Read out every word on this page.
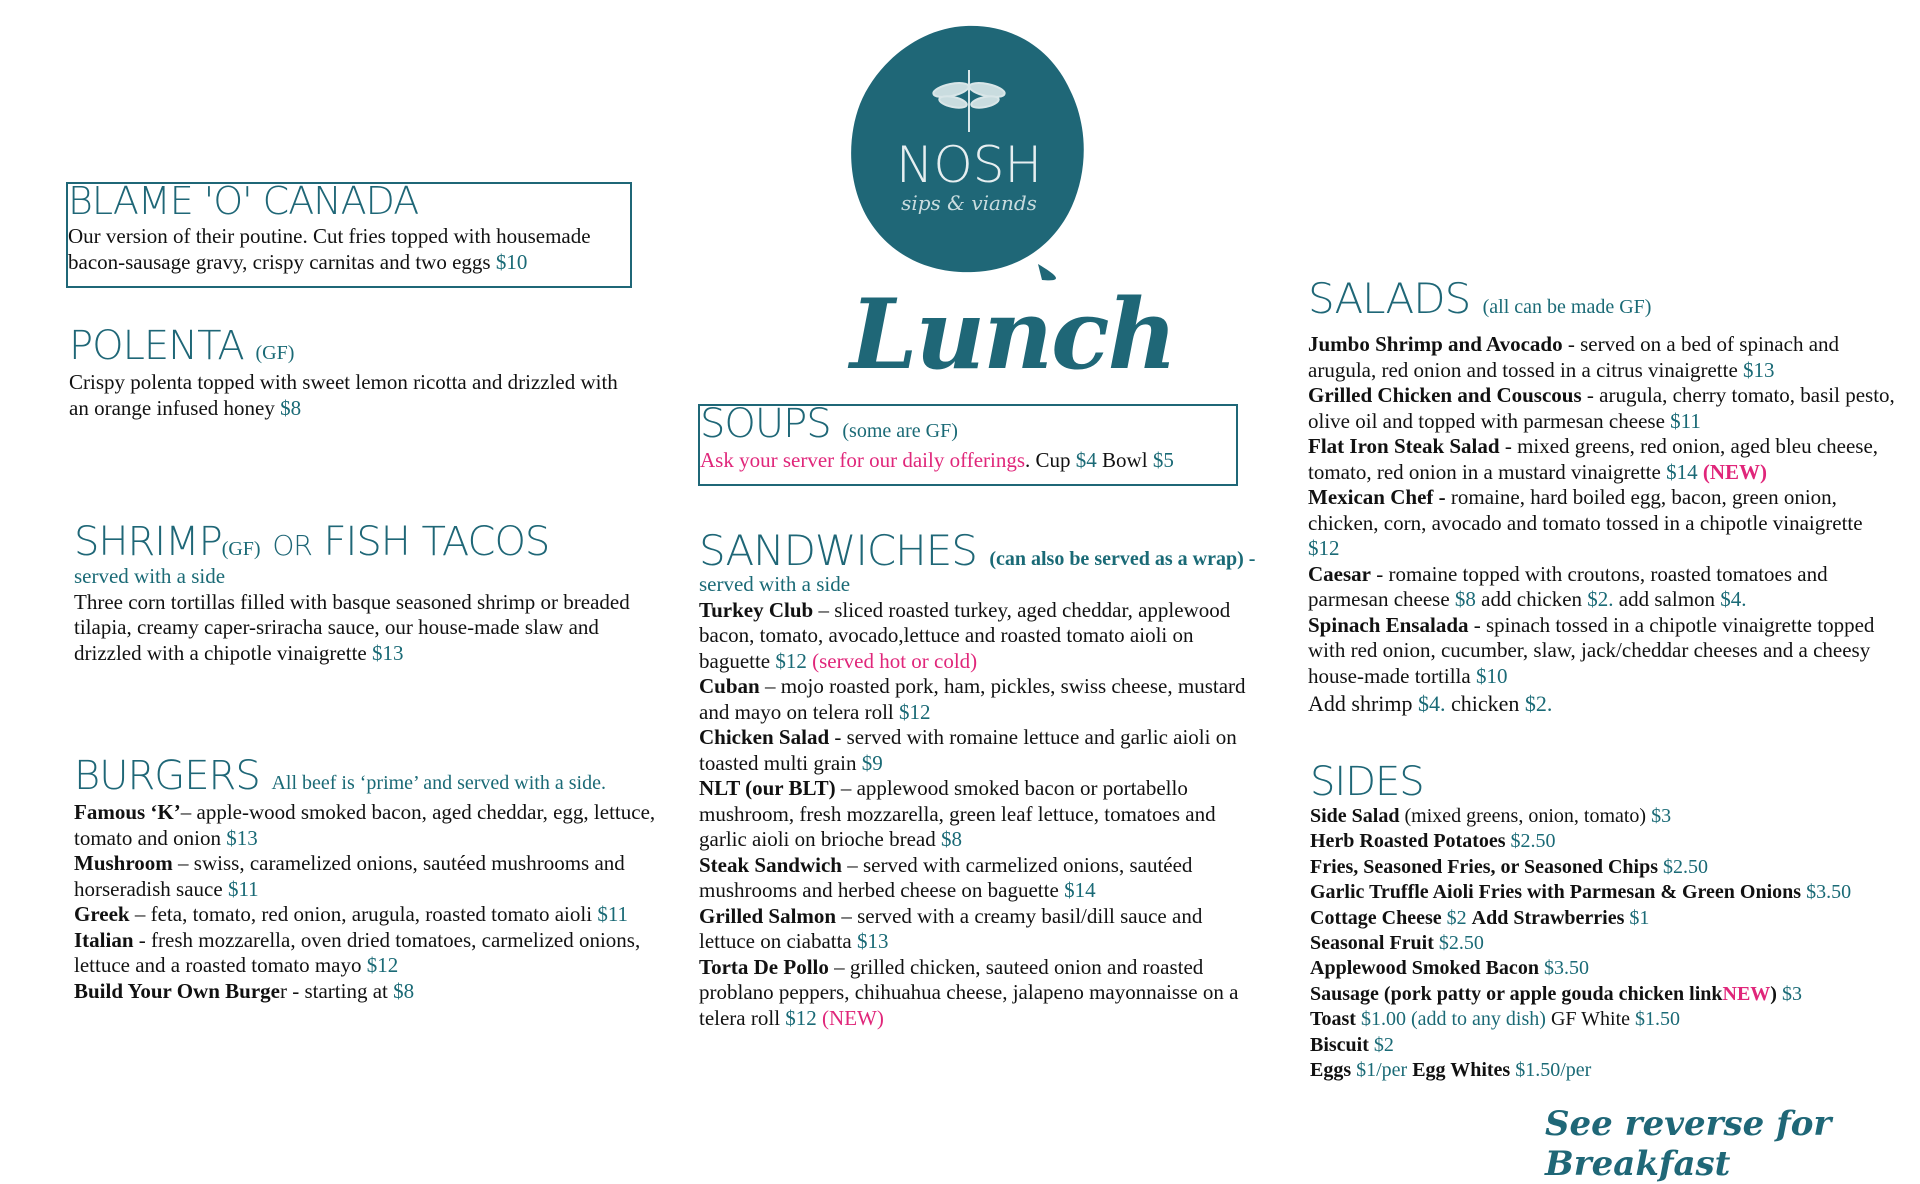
NOSH
sips & viands
Lunch
BLAME 'O' CANADA
Our version of their poutine. Cut fries topped with housemade bacon-sausage gravy, crispy carnitas and two eggs $10
POLENTA (GF)
Crispy polenta topped with sweet lemon ricotta and drizzled with an orange infused honey $8
SHRIMP(GF) OR FISH TACOS
served with a side
Three corn tortillas filled with basque seasoned shrimp or breaded tilapia, creamy caper-sriracha sauce, our house-made slaw and drizzled with a chipotle vinaigrette $13
BURGERS All beef is ‘prime’ and served with a side.
Famous ‘K’– apple-wood smoked bacon, aged cheddar, egg, lettuce, tomato and onion $13
Mushroom – swiss, caramelized onions, sautéed mushrooms and horseradish sauce $11
Greek – feta, tomato, red onion, arugula, roasted tomato aioli $11
Italian - fresh mozzarella, oven dried tomatoes, carmelized onions, lettuce and a roasted tomato mayo $12
Build Your Own Burger - starting at $8
SOUPS (some are GF)
Ask your server for our daily offerings. Cup $4 Bowl $5
SANDWICHES (can also be served as a wrap) -
served with a side
Turkey Club – sliced roasted turkey, aged cheddar, applewood bacon, tomato, avocado,lettuce and roasted tomato aioli on baguette $12 (served hot or cold)
Cuban – mojo roasted pork, ham, pickles, swiss cheese, mustard and mayo on telera roll $12
Chicken Salad - served with romaine lettuce and garlic aioli on toasted multi grain $9
NLT (our BLT) – applewood smoked bacon or portabello mushroom, fresh mozzarella, green leaf lettuce, tomatoes and garlic aioli on brioche bread $8
Steak Sandwich – served with carmelized onions, sautéed mushrooms and herbed cheese on baguette $14
Grilled Salmon – served with a creamy basil/dill sauce and lettuce on ciabatta $13
Torta De Pollo – grilled chicken, sauteed onion and roasted problano peppers, chihuahua cheese, jalapeno mayonnaisse on a telera roll $12 (NEW)
SALADS (all can be made GF)
Jumbo Shrimp and Avocado - served on a bed of spinach and arugula, red onion and tossed in a citrus vinaigrette $13
Grilled Chicken and Couscous - arugula, cherry tomato, basil pesto, olive oil and topped with parmesan cheese $11
Flat Iron Steak Salad - mixed greens, red onion, aged bleu cheese, tomato, red onion in a mustard vinaigrette $14 (NEW)
Mexican Chef - romaine, hard boiled egg, bacon, green onion, chicken, corn, avocado and tomato tossed in a chipotle vinaigrette $12
Caesar - romaine topped with croutons, roasted tomatoes and parmesan cheese $8 add chicken $2. add salmon $4.
Spinach Ensalada - spinach tossed in a chipotle vinaigrette topped with red onion, cucumber, slaw, jack/cheddar cheeses and a cheesy house-made tortilla $10
Add shrimp $4. chicken $2.
SIDES
Side Salad (mixed greens, onion, tomato) $3
Herb Roasted Potatoes $2.50
Fries, Seasoned Fries, or Seasoned Chips $2.50
Garlic Truffle Aioli Fries with Parmesan & Green Onions $3.50
Cottage Cheese $2 Add Strawberries $1
Seasonal Fruit $2.50
Applewood Smoked Bacon $3.50
Sausage (pork patty or apple gouda chicken linkNEW) $3
Toast $1.00 (add to any dish) GF White $1.50
Biscuit $2
Eggs $1/per Egg Whites $1.50/per
See reverse for Breakfast
